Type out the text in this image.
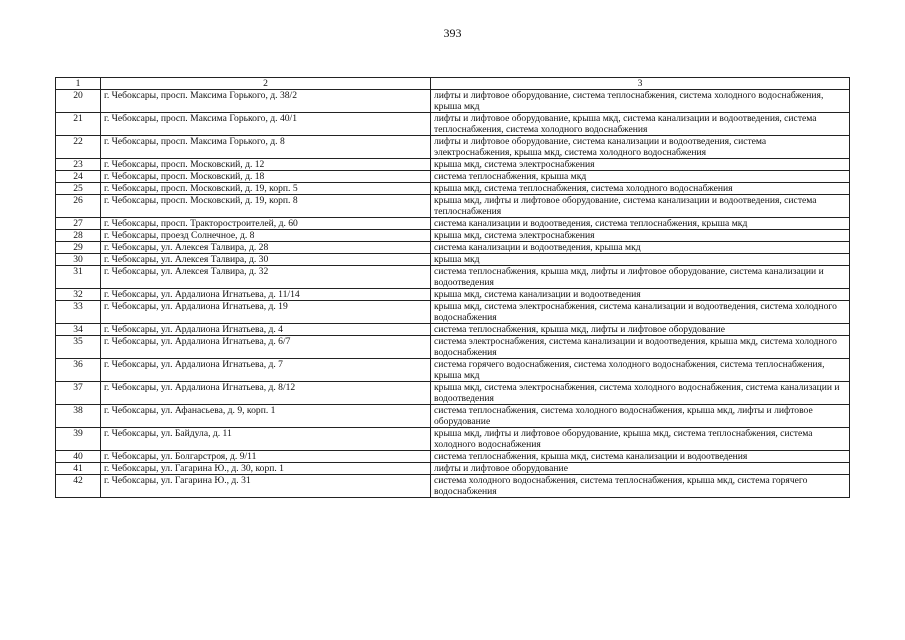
393
1	2	3
20	г. Чебоксары, просп. Максима Горького, д. 38/2	лифты и лифтовое оборудование, система теплоснабжения, система холодного водоснабжения, крыша мкд
21	г. Чебоксары, просп. Максима Горького, д. 40/1	лифты и лифтовое оборудование, крыша мкд, система канализации и водоотведения, система теплоснабжения, система холодного водоснабжения
22	г. Чебоксары, просп. Максима Горького, д. 8	лифты и лифтовое оборудование, система канализации и водоотведения, система электроснабжения, крыша мкд, система холодного водоснабжения
23	г. Чебоксары, просп. Московский, д. 12	крыша мкд, система электроснабжения
24	г. Чебоксары, просп. Московский, д. 18	система теплоснабжения, крыша мкд
25	г. Чебоксары, просп. Московский, д. 19, корп. 5	крыша мкд, система теплоснабжения, система холодного водоснабжения
26	г. Чебоксары, просп. Московский, д. 19, корп. 8	крыша мкд, лифты и лифтовое оборудование, система канализации и водоотведения, система теплоснабжения
27	г. Чебоксары, просп. Тракторостроителей, д. 60	система канализации и водоотведения, система теплоснабжения, крыша мкд
28	г. Чебоксары, проезд Солнечное, д. 8	крыша мкд, система электроснабжения
29	г. Чебоксары, ул. Алексея Талвира, д. 28	система канализации и водоотведения, крыша мкд
30	г. Чебоксары, ул. Алексея Талвира, д. 30	крыша мкд
31	г. Чебоксары, ул. Алексея Талвира, д. 32	система теплоснабжения, крыша мкд, лифты и лифтовое оборудование, система канализации и водоотведения
32	г. Чебоксары, ул. Ардалиона Игнатьева, д. 11/14	крыша мкд, система канализации и водоотведения
33	г. Чебоксары, ул. Ардалиона Игнатьева, д. 19	крыша мкд, система электроснабжения, система канализации и водоотведения, система холодного водоснабжения
34	г. Чебоксары, ул. Ардалиона Игнатьева, д. 4	система теплоснабжения, крыша мкд, лифты и лифтовое оборудование
35	г. Чебоксары, ул. Ардалиона Игнатьева, д. 6/7	система электроснабжения, система канализации и водоотведения, крыша мкд, система холодного водоснабжения
36	г. Чебоксары, ул. Ардалиона Игнатьева, д. 7	система горячего водоснабжения, система холодного водоснабжения, система теплоснабжения, крыша мкд
37	г. Чебоксары, ул. Ардалиона Игнатьева, д. 8/12	крыша мкд, система электроснабжения, система холодного водоснабжения, система канализации и водоотведения
38	г. Чебоксары, ул. Афанасьева, д. 9, корп. 1	система теплоснабжения, система холодного водоснабжения, крыша мкд, лифты и лифтовое оборудование
39	г. Чебоксары, ул. Байдула, д. 11	крыша мкд, лифты и лифтовое оборудование, крыша мкд, система теплоснабжения, система холодного водоснабжения
40	г. Чебоксары, ул. Болгарстроя, д. 9/11	система теплоснабжения, крыша мкд, система канализации и водоотведения
41	г. Чебоксары, ул. Гагарина Ю., д. 30, корп. 1	лифты и лифтовое оборудование
42	г. Чебоксары, ул. Гагарина Ю., д. 31	система холодного водоснабжения, система теплоснабжения, крыша мкд, система горячего водоснабжения
